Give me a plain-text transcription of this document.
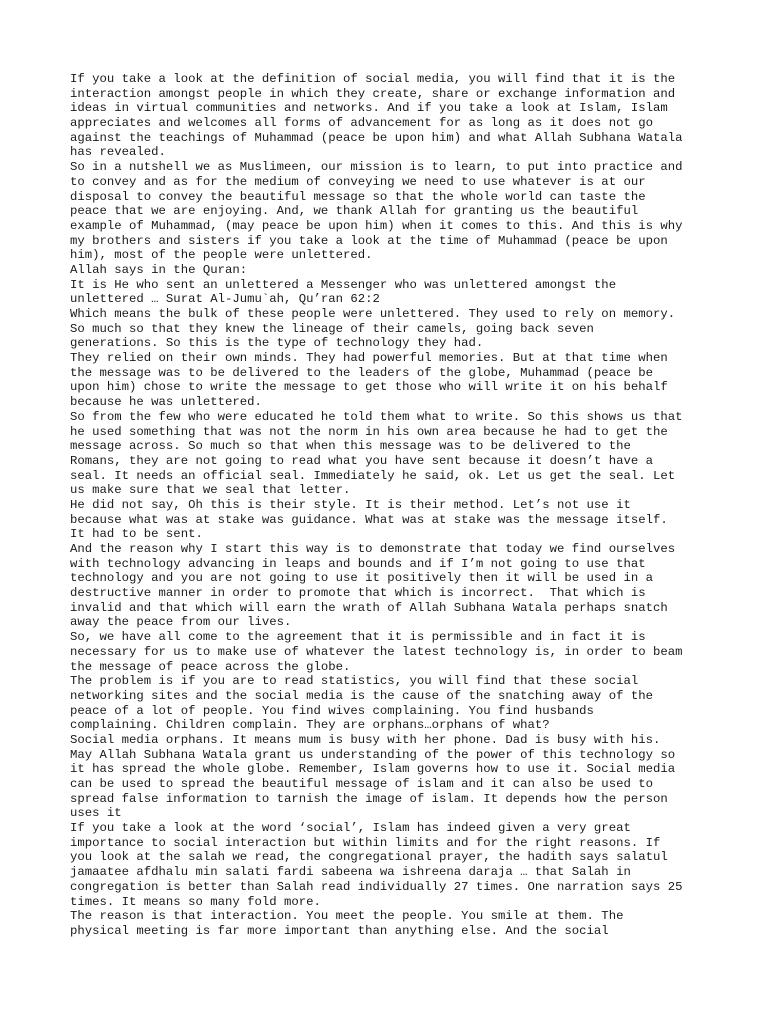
If you take a look at the definition of social media, you will find that it is the
interaction amongst people in which they create, share or exchange information and
ideas in virtual communities and networks. And if you take a look at Islam, Islam
appreciates and welcomes all forms of advancement for as long as it does not go
against the teachings of Muhammad (peace be upon him) and what Allah Subhana Watala
has revealed.
So in a nutshell we as Muslimeen, our mission is to learn, to put into practice and
to convey and as for the medium of conveying we need to use whatever is at our
disposal to convey the beautiful message so that the whole world can taste the
peace that we are enjoying. And, we thank Allah for granting us the beautiful
example of Muhammad, (may peace be upon him) when it comes to this. And this is why
my brothers and sisters if you take a look at the time of Muhammad (peace be upon
him), most of the people were unlettered.
Allah says in the Quran:
It is He who sent an unlettered a Messenger who was unlettered amongst the
unlettered … Surat Al-Jumu`ah, Qu’ran 62:2
Which means the bulk of these people were unlettered. They used to rely on memory.
So much so that they knew the lineage of their camels, going back seven
generations. So this is the type of technology they had.
They relied on their own minds. They had powerful memories. But at that time when
the message was to be delivered to the leaders of the globe, Muhammad (peace be
upon him) chose to write the message to get those who will write it on his behalf
because he was unlettered.
So from the few who were educated he told them what to write. So this shows us that
he used something that was not the norm in his own area because he had to get the
message across. So much so that when this message was to be delivered to the
Romans, they are not going to read what you have sent because it doesn’t have a
seal. It needs an official seal. Immediately he said, ok. Let us get the seal. Let
us make sure that we seal that letter.
He did not say, Oh this is their style. It is their method. Let’s not use it
because what was at stake was guidance. What was at stake was the message itself.
It had to be sent.
And the reason why I start this way is to demonstrate that today we find ourselves
with technology advancing in leaps and bounds and if I’m not going to use that
technology and you are not going to use it positively then it will be used in a
destructive manner in order to promote that which is incorrect.  That which is
invalid and that which will earn the wrath of Allah Subhana Watala perhaps snatch
away the peace from our lives.
So, we have all come to the agreement that it is permissible and in fact it is
necessary for us to make use of whatever the latest technology is, in order to beam
the message of peace across the globe.
The problem is if you are to read statistics, you will find that these social
networking sites and the social media is the cause of the snatching away of the
peace of a lot of people. You find wives complaining. You find husbands
complaining. Children complain. They are orphans…orphans of what?
Social media orphans. It means mum is busy with her phone. Dad is busy with his.
May Allah Subhana Watala grant us understanding of the power of this technology so
it has spread the whole globe. Remember, Islam governs how to use it. Social media
can be used to spread the beautiful message of islam and it can also be used to
spread false information to tarnish the image of islam. It depends how the person
uses it
If you take a look at the word ‘social’, Islam has indeed given a very great
importance to social interaction but within limits and for the right reasons. If
you look at the salah we read, the congregational prayer, the hadith says salatul
jamaatee afdhalu min salati fardi sabeena wa ishreena daraja … that Salah in
congregation is better than Salah read individually 27 times. One narration says 25
times. It means so many fold more.
The reason is that interaction. You meet the people. You smile at them. The
physical meeting is far more important than anything else. And the social
